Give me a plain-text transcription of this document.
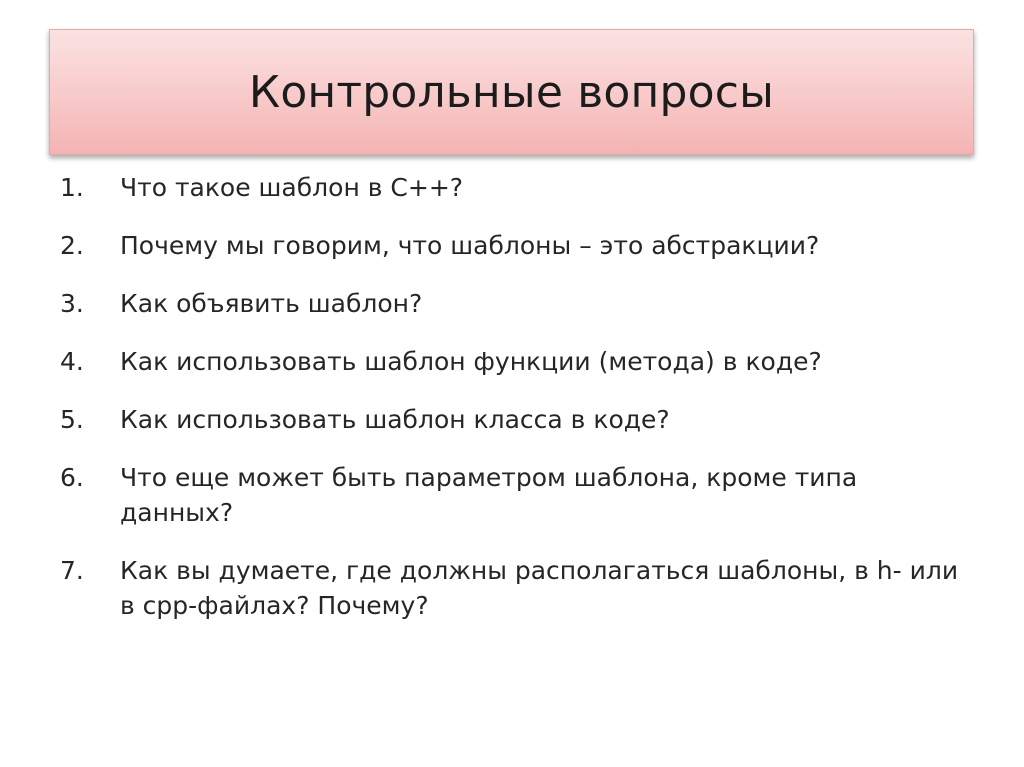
Контрольные вопросы
1.	Что такое шаблон в С++?
2.	Почему мы говорим, что шаблоны – это абстракции?
3.	Как объявить шаблон?
4.	Как использовать шаблон функции (метода) в коде?
5.	Как использовать шаблон класса в коде?
6.	Что еще может быть параметром шаблона, кроме типа данных?
7.	Как вы думаете, где должны располагаться шаблоны, в h- или в cpp-файлах? Почему?
